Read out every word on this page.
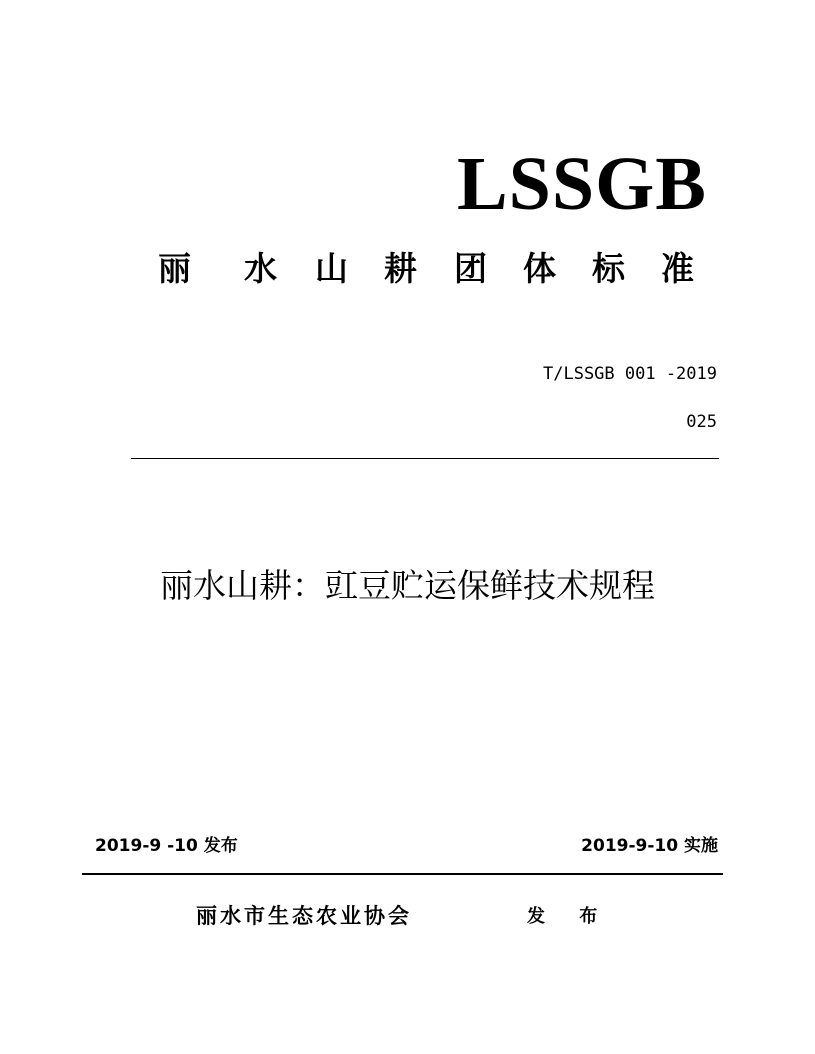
LSSGB
丽 水 山 耕 团 体 标 准
T/LSSGB 001 -2019
025
丽水山耕：豇豆贮运保鲜技术规程
2019-9 -10 发布	2019-9-10 实施
丽水市生态农业协会	发 布
